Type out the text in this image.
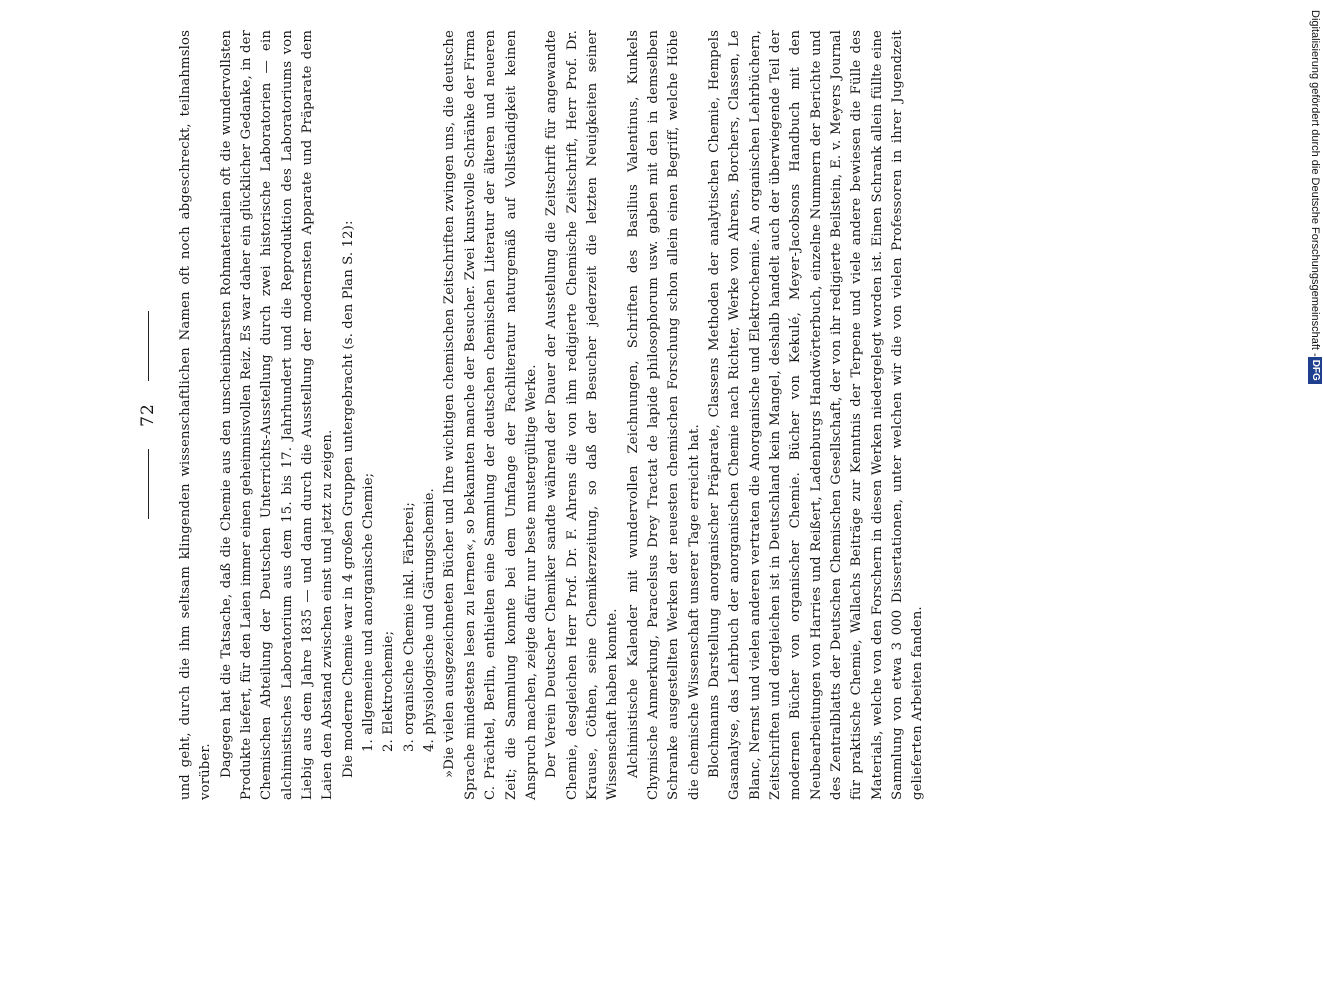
72 und geht, durch die ihm seltsam klingenden wissenschaftlichen Namen oft noch abgeschreckt, teilnahmslos vorüber. Dagegen hat die Tatsache, daß die Chemie aus den unscheinbarsten Rohmaterialien oft die wundervollsten Produkte liefert, für den Laien immer einen geheimnisvollen Reiz. Es war daher ein glücklicher Gedanke, in der Chemischen Abteilung der Deutschen Unterrichts-Ausstellung durch zwei historische Laboratorien — ein alchimistisches Laboratorium aus dem 15. bis 17. Jahrhundert und die Reproduktion des Laboratoriums von Liebig aus dem Jahre 1835 — und dann durch die Ausstellung der modernsten Apparate und Präparate dem Laien den Abstand zwischen einst und jetzt zu zeigen. Die moderne Chemie war in 4 großen Gruppen untergebracht (s. den Plan S. 12): 1. allgemeine und anorganische Chemie; 2. Elektrochemie; 3. organische Chemie inkl. Färberei; 4. physiologische und Gärungschemie. »Die vielen ausgezeichneten Bücher und Ihre wichtigen chemischen Zeitschriften zwingen uns, die deutsche Sprache mindestens lesen zu lernen«, so bekannten manche der Besucher. Zwei kunstvolle Schränke der Firma C. Prächtel, Berlin, enthielten eine Sammlung der deutschen chemischen Literatur der älteren und neueren Zeit; die Sammlung konnte bei dem Umfange der Fachliteratur naturgemäß auf Vollständigkeit keinen Anspruch machen, zeigte dafür nur beste mustergültige Werke. Der Verein Deutscher Chemiker sandte während der Dauer der Ausstellung die Zeitschrift für angewandte Chemie, desgleichen Herr Prof. Dr. F. Ahrens die von ihm redigierte Chemische Zeitschrift, Herr Prof. Dr. Krause, Cöthen, seine Chemikerzeitung, so daß der Besucher jederzeit die letzten Neuigkeiten seiner Wissenschaft haben konnte. Alchimistische Kalender mit wundervollen Zeichnungen, Schriften des Basilius Valentinus, Kunkels Chymische Anmerkung, Paracelsus Drey Tractat de lapide philosophorum usw. gaben mit den in demselben Schranke ausgestellten Werken der neuesten chemischen Forschung schon allein einen Begriff, welche Höhe die chemische Wissenschaft unserer Tage erreicht hat. Blochmanns Darstellung anorganischer Präparate, Classens Methoden der analytischen Chemie, Hempels Gasanalyse, das Lehrbuch der anorganischen Chemie nach Richter, Werke von Ahrens, Borchers, Classen, Le Blanc, Nernst und vielen anderen vertraten die Anorganische und Elektrochemie. An organischen Lehrbüchern, Zeitschriften und dergleichen ist in Deutschland kein Mangel, deshalb handelt auch der überwiegende Teil der modernen Bücher von organischer Chemie. Bücher von Kekulé, Meyer-Jacobsons Handbuch mit den Neubearbeitungen von Harries und Reißert, Ladenburgs Handwörterbuch, einzelne Nummern der Berichte und des Zentralblatts der Deutschen Chemischen Gesellschaft, der von ihr redigierte Beilstein, E. v. Meyers Journal für praktische Chemie, Wallachs Beiträge zur Kenntnis der Terpene und viele andere bewiesen die Fülle des Materials, welche von den Forschern in diesen Werken niedergelegt worden ist. Einen Schrank allein füllte eine Sammlung von etwa 3 000 Dissertationen, unter welchen wir die von vielen Professoren in ihrer Jugendzeit gelieferten Arbeiten fanden.

Digitalisierung gefördert durch die Deutsche Forschungsgemeinschaft -
DFG
